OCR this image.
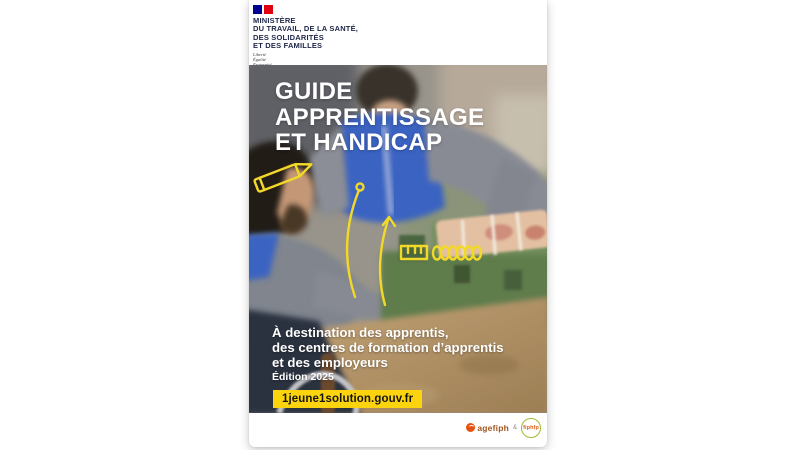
MINISTÈRE
DU TRAVAIL, DE LA SANTÉ,
DES SOLIDARITÉS
ET DES FAMILLES
Liberté
Égalité
GUIDE
APPRENTISSAGE
ET HANDICAP
À destination des apprentis,
des centres de formation d’apprentis
et des employeurs
Édition 2025
1jeune1solution.gouv.fr
agefiph & fiphfp
